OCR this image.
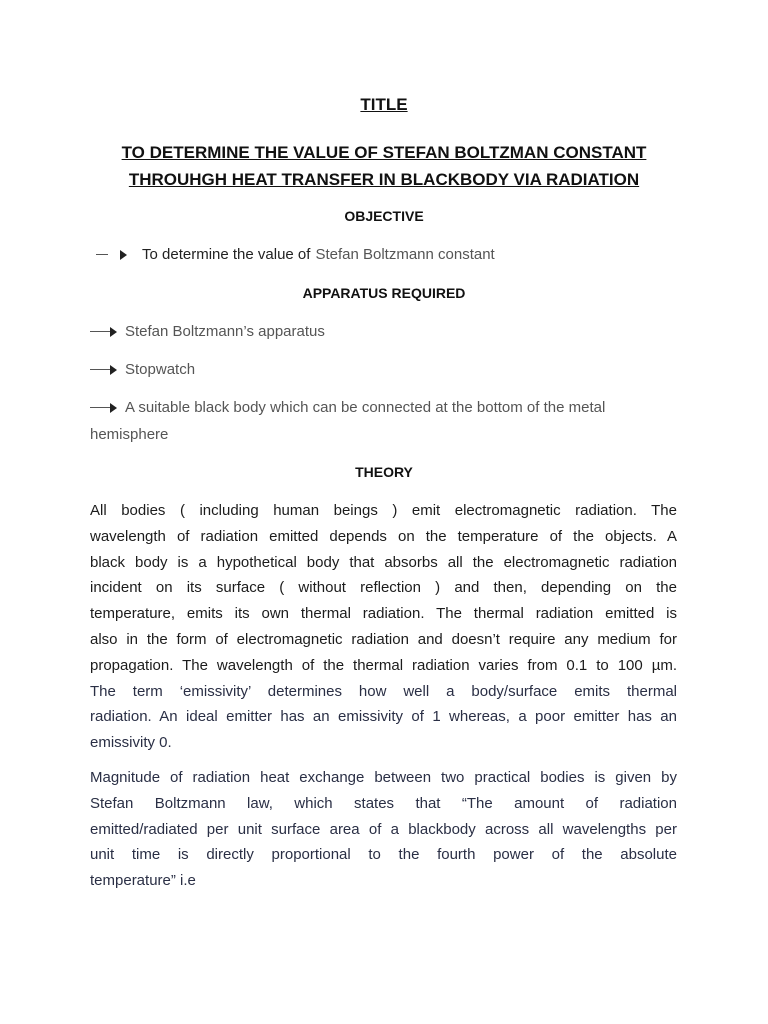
TITLE
TO DETERMINE THE VALUE OF STEFAN BOLTZMAN CONSTANT
THROUHGH HEAT TRANSFER IN BLACKBODY VIA RADIATION
OBJECTIVE
To determine the value of Stefan Boltzmann constant
APPARATUS REQUIRED
Stefan Boltzmann’s apparatus
Stopwatch
A suitable black body which can be connected at the bottom of the metal
hemisphere
THEORY
All bodies ( including human beings ) emit electromagnetic radiation. The
wavelength of radiation emitted depends on the temperature of the objects. A
black body is a hypothetical body that absorbs all the electromagnetic radiation
incident on its surface ( without reflection ) and then, depending on the
temperature, emits its own thermal radiation. The thermal radiation emitted is
also in the form of electromagnetic radiation and doesn’t require any medium for
propagation. The wavelength of the thermal radiation varies from 0.1 to 100 µm.
The term ‘emissivity’ determines how well a body/surface emits thermal
radiation. An ideal emitter has an emissivity of 1 whereas, a poor emitter has an
emissivity 0.
Magnitude of radiation heat exchange between two practical bodies is given by
Stefan Boltzmann law, which states that “The amount of radiation
emitted/radiated per unit surface area of a blackbody across all wavelengths per
unit time is directly proportional to the fourth power of the absolute
temperature” i.e
